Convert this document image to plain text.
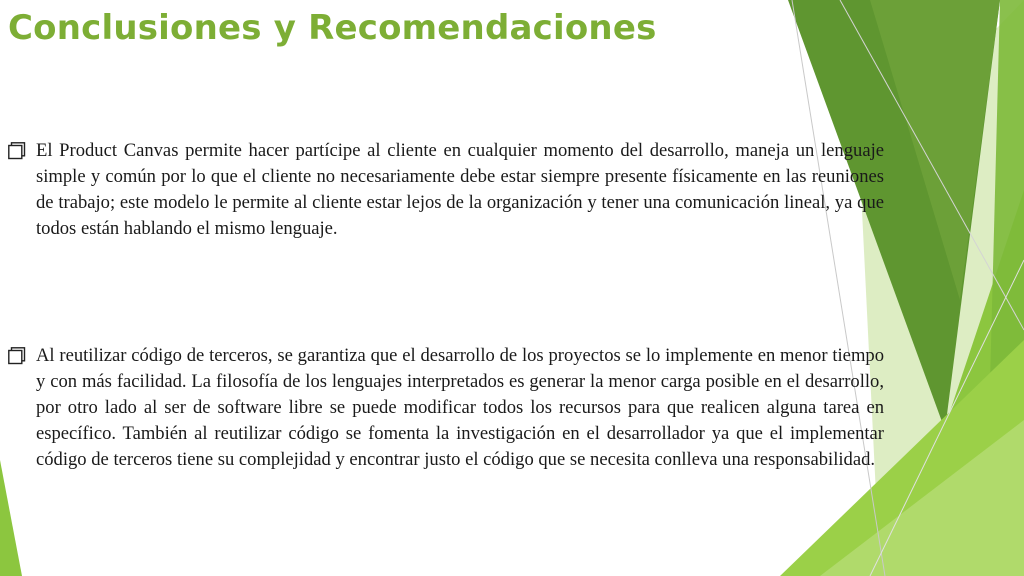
Conclusiones y Recomendaciones

El Product Canvas permite hacer partícipe al cliente en cualquier momento del desarrollo, maneja un lenguaje simple y común por lo que el cliente no necesariamente debe estar siempre presente físicamente en las reuniones de trabajo; este modelo le permite al cliente estar lejos de la organización y tener una comunicación lineal, ya que todos están hablando el mismo lenguaje.

Al reutilizar código de terceros, se garantiza que el desarrollo de los proyectos se lo implemente en menor tiempo y con más facilidad. La filosofía de los lenguajes interpretados es generar la menor carga posible en el desarrollo, por otro lado al ser de software libre se puede modificar todos los recursos para que realicen alguna tarea en específico. También al reutilizar código se fomenta la investigación en el desarrollador ya que el implementar código de terceros tiene su complejidad y encontrar justo el código que se necesita conlleva una responsabilidad.
